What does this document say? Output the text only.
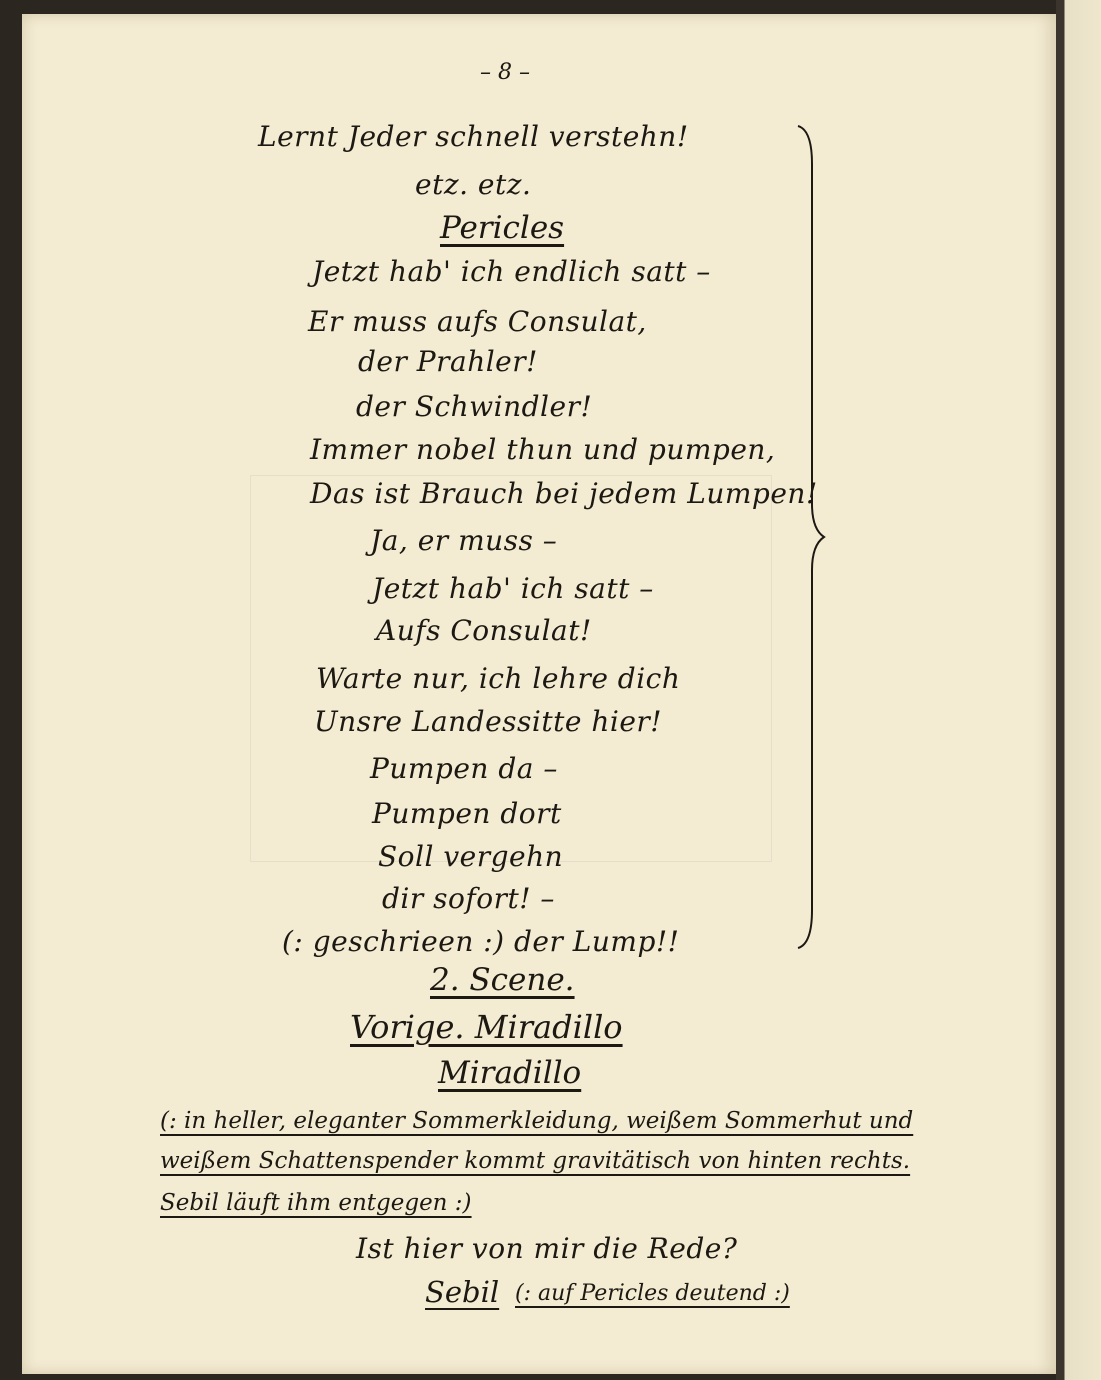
– 8 –
Lernt Jeder schnell verstehn!
etz. etz.
Pericles
Jetzt hab' ich endlich satt –
Er muss aufs Consulat,
der Prahler!
der Schwindler!
Immer nobel thun und pumpen,
Das ist Brauch bei jedem Lumpen!
Ja, er muss –
Jetzt hab' ich satt –
Aufs Consulat!
Warte nur, ich lehre dich
Unsre Landessitte hier!
Pumpen da –
Pumpen dort
Soll vergehn
dir sofort! –
(: geschrieen :) der Lump!!
2. Scene.
Vorige. Miradillo
Miradillo
(: in heller, eleganter Sommerkleidung, weißem Sommerhut und
weißem Schattenspender kommt gravitätisch von hinten rechts.
Sebil läuft ihm entgegen :)
Ist hier von mir die Rede?
Sebil (: auf Pericles deutend :)
